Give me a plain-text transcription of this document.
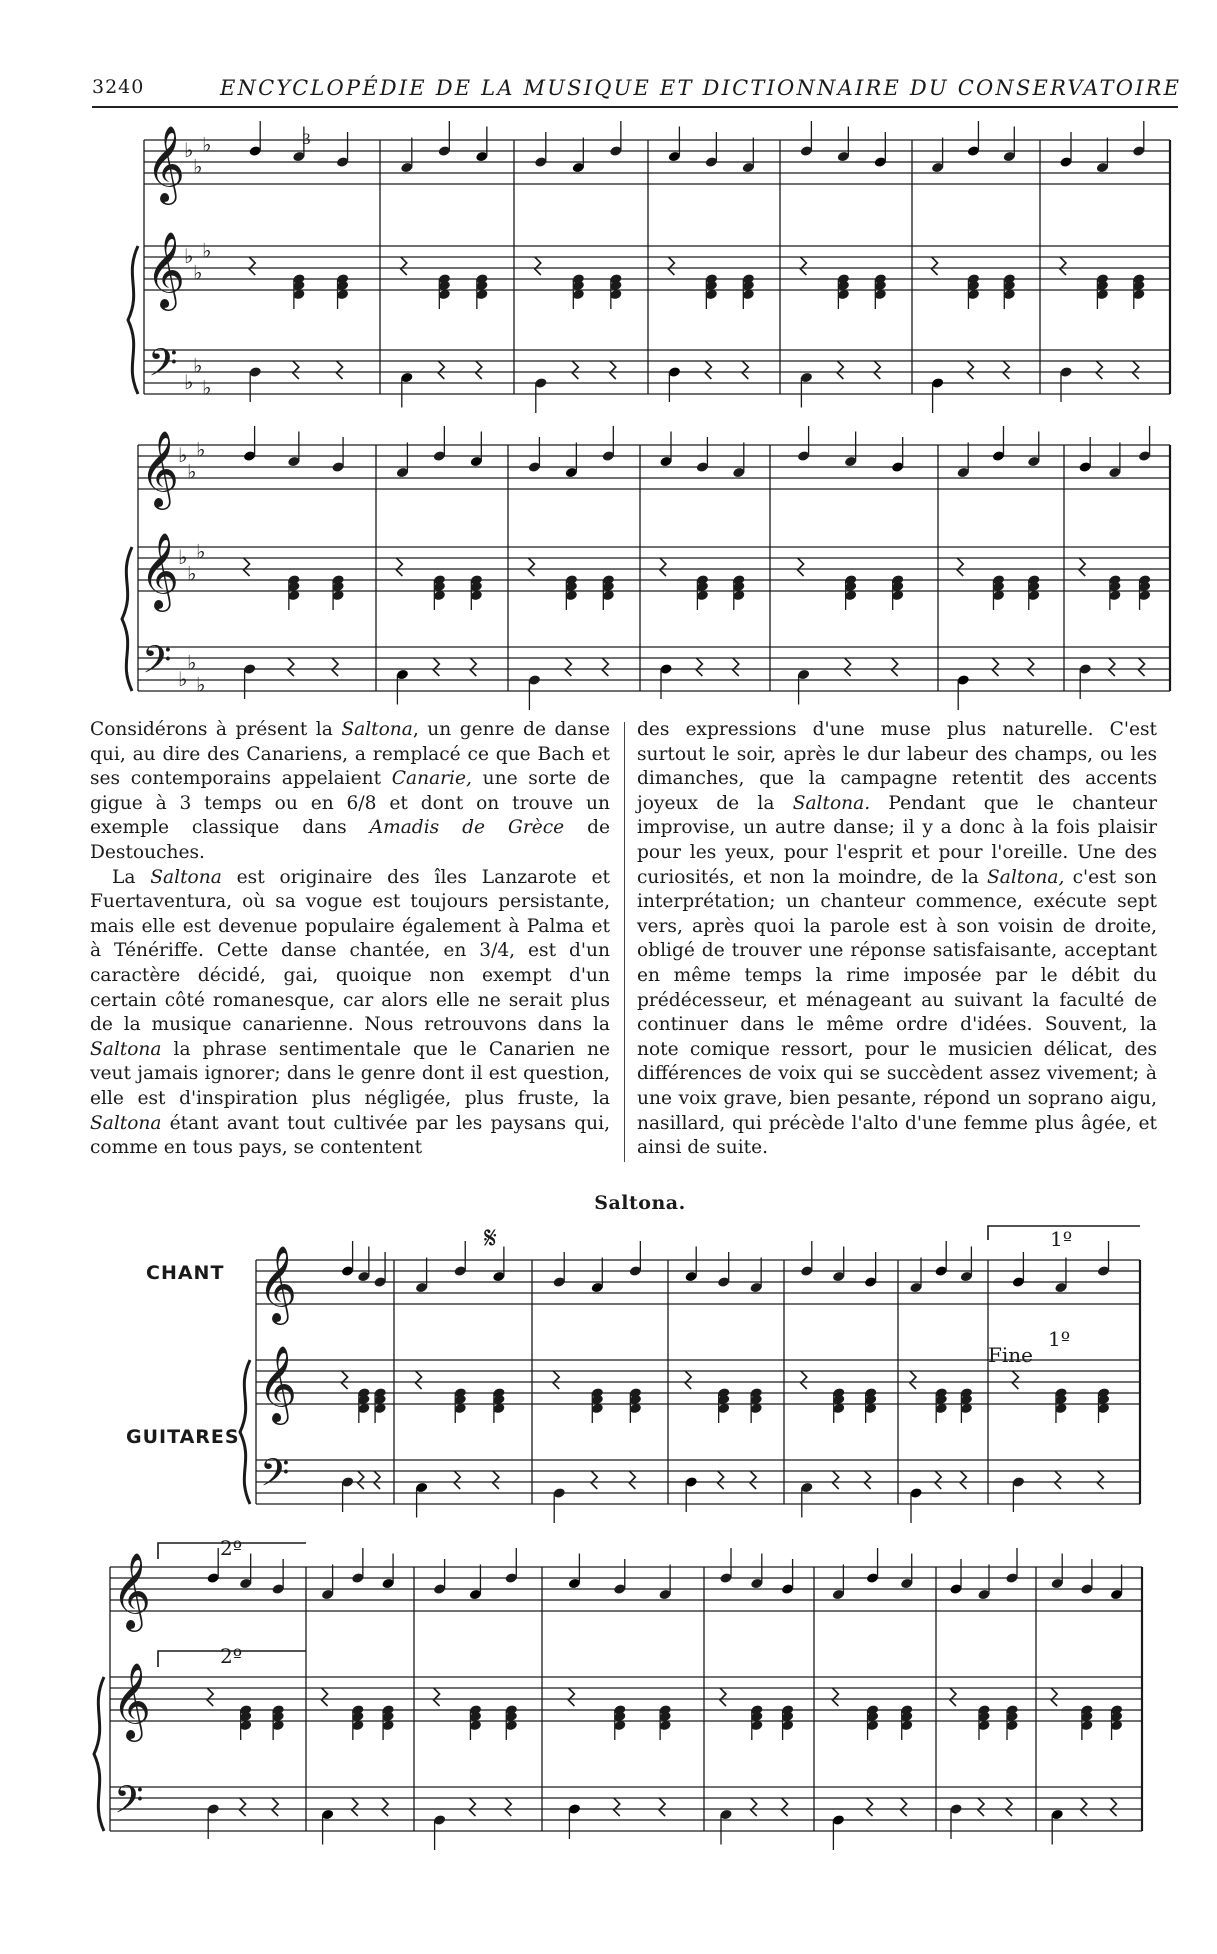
3240	ENCYCLOPÉDIE DE LA MUSIQUE ET DICTIONNAIRE DU CONSERVATOIRE
3
𝄞
♭
♭
♭
𝄞
♭
♭
♭
𝄢 ♭
♭
♭
𝄞
♭
♭
♭
𝄞
♭
♭
♭
𝄢 ♭
♭
♭

Considérons à présent la Saltona, un genre de danse qui, au dire des Canariens, a remplacé ce que Bach et ses contemporains appelaient Canarie, une sorte de gigue à 3 temps ou en 6/8 et dont on trouve un exemple classique dans Amadis de Grèce de Destouches.

La Saltona est originaire des îles Lanzarote et Fuertaventura, où sa vogue est toujours persistante, mais elle est devenue populaire également à Palma et à Ténériffe. Cette danse chantée, en 3/4, est d'un caractère décidé, gai, quoique non exempt d'un certain côté romanesque, car alors elle ne serait plus de la musique canarienne. Nous retrouvons dans la Saltona la phrase sentimentale que le Canarien ne veut jamais ignorer; dans le genre dont il est question, elle est d'inspiration plus négligée, plus fruste, la Saltona étant avant tout cultivée par les paysans qui, comme en tous pays, se contentent

des expressions d'une muse plus naturelle. C'est surtout le soir, après le dur labeur des champs, ou les dimanches, que la campagne retentit des accents joyeux de la Saltona. Pendant que le chanteur improvise, un autre danse; il y a donc à la fois plaisir pour les yeux, pour l'esprit et pour l'oreille. Une des curiosités, et non la moindre, de la Saltona, c'est son interprétation; un chanteur commence, exécute sept vers, après quoi la parole est à son voisin de droite, obligé de trouver une réponse satisfaisante, acceptant en même temps la rime imposée par le débit du prédécesseur, et ménageant au suivant la faculté de continuer dans le même ordre d'idées. Souvent, la note comique ressort, pour le musicien délicat, des différences de voix qui se succèdent assez vivement; à une voix grave, bien pesante, répond un soprano aigu, nasillard, qui précède l'alto d'une femme plus âgée, et ainsi de suite.

Saltona.
CHANT
GUITARES
𝄋	1º
Fine
1º
𝄞
𝄞
𝄢
2º
2º
𝄞
𝄞
𝄢
